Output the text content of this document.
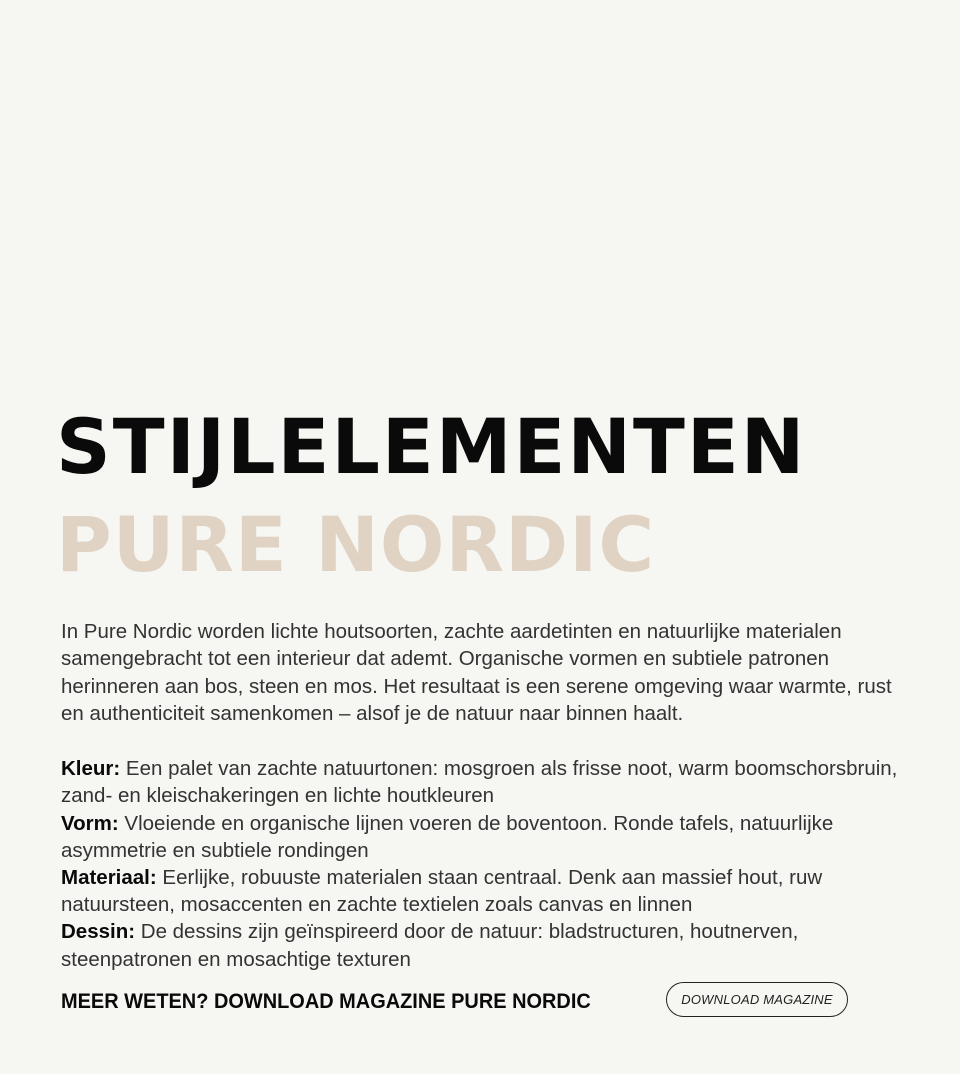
STIJLELEMENTEN
PURE NORDIC

In Pure Nordic worden lichte houtsoorten, zachte aardetinten en natuurlijke materialen samengebracht tot een interieur dat ademt. Organische vormen en subtiele patronen herinneren aan bos, steen en mos. Het resultaat is een serene omgeving waar warmte, rust en authenticiteit samenkomen – alsof je de natuur naar binnen haalt.

Kleur: Een palet van zachte natuurtonen: mosgroen als frisse noot, warm boomschorsbruin, zand- en kleischakeringen en lichte houtkleuren
Vorm: Vloeiende en organische lijnen voeren de boventoon. Ronde tafels, natuurlijke asymmetrie en subtiele rondingen
Materiaal: Eerlijke, robuuste materialen staan centraal. Denk aan massief hout, ruw natuursteen, mosaccenten en zachte textielen zoals canvas en linnen
Dessin: De dessins zijn geïnspireerd door de natuur: bladstructuren, houtnerven, steenpatronen en mosachtige texturen
MEER WETEN? DOWNLOAD MAGAZINE PURE NORDIC	DOWNLOAD MAGAZINE
